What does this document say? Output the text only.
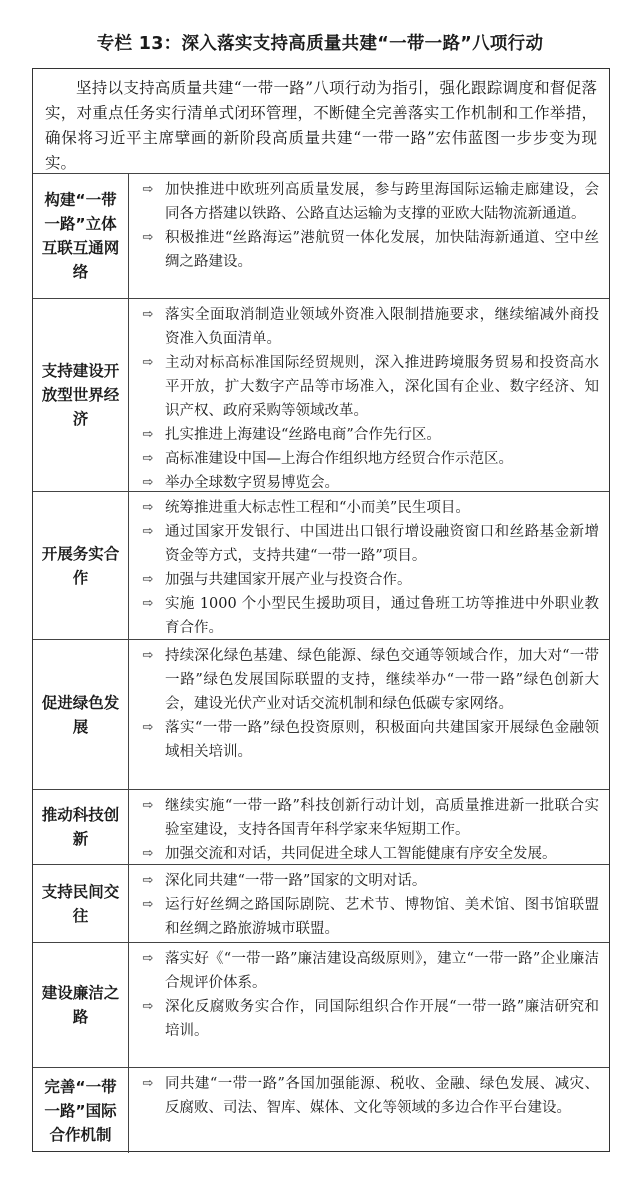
专栏 13：深入落实支持高质量共建“一带一路”八项行动
坚持以支持高质量共建“一带一路”八项行动为指引，强化跟踪调度和督促落实，对重点任务实行清单式闭环管理，不断健全完善落实工作机制和工作举措，确保将习近平主席擘画的新阶段高质量共建“一带一路”宏伟蓝图一步步变为现实。
构建“一带一路”立体互联互通网络
⇨ 加快推进中欧班列高质量发展，参与跨里海国际运输走廊建设，会同各方搭建以铁路、公路直达运输为支撑的亚欧大陆物流新通道。
⇨ 积极推进“丝路海运”港航贸一体化发展，加快陆海新通道、空中丝绸之路建设。
支持建设开放型世界经济
⇨ 落实全面取消制造业领域外资准入限制措施要求，继续缩减外商投资准入负面清单。
⇨ 主动对标高标准国际经贸规则，深入推进跨境服务贸易和投资高水平开放，扩大数字产品等市场准入，深化国有企业、数字经济、知识产权、政府采购等领域改革。
⇨ 扎实推进上海建设“丝路电商”合作先行区。
⇨ 高标准建设中国—上海合作组织地方经贸合作示范区。
⇨ 举办全球数字贸易博览会。
开展务实合作
⇨ 统筹推进重大标志性工程和“小而美”民生项目。
⇨ 通过国家开发银行、中国进出口银行增设融资窗口和丝路基金新增资金等方式，支持共建“一带一路”项目。
⇨ 加强与共建国家开展产业与投资合作。
⇨ 实施 1000 个小型民生援助项目，通过鲁班工坊等推进中外职业教育合作。
促进绿色发展
⇨ 持续深化绿色基建、绿色能源、绿色交通等领域合作，加大对“一带一路”绿色发展国际联盟的支持，继续举办“一带一路”绿色创新大会，建设光伏产业对话交流机制和绿色低碳专家网络。
⇨ 落实“一带一路”绿色投资原则，积极面向共建国家开展绿色金融领域相关培训。
推动科技创新
⇨ 继续实施“一带一路”科技创新行动计划，高质量推进新一批联合实验室建设，支持各国青年科学家来华短期工作。
⇨ 加强交流和对话，共同促进全球人工智能健康有序安全发展。
支持民间交往
⇨ 深化同共建“一带一路”国家的文明对话。
⇨ 运行好丝绸之路国际剧院、艺术节、博物馆、美术馆、图书馆联盟和丝绸之路旅游城市联盟。
建设廉洁之路
⇨ 落实好《“一带一路”廉洁建设高级原则》，建立“一带一路”企业廉洁合规评价体系。
⇨ 深化反腐败务实合作，同国际组织合作开展“一带一路”廉洁研究和培训。
完善“一带一路”国际合作机制
⇨ 同共建“一带一路”各国加强能源、税收、金融、绿色发展、减灾、反腐败、司法、智库、媒体、文化等领域的多边合作平台建设。
